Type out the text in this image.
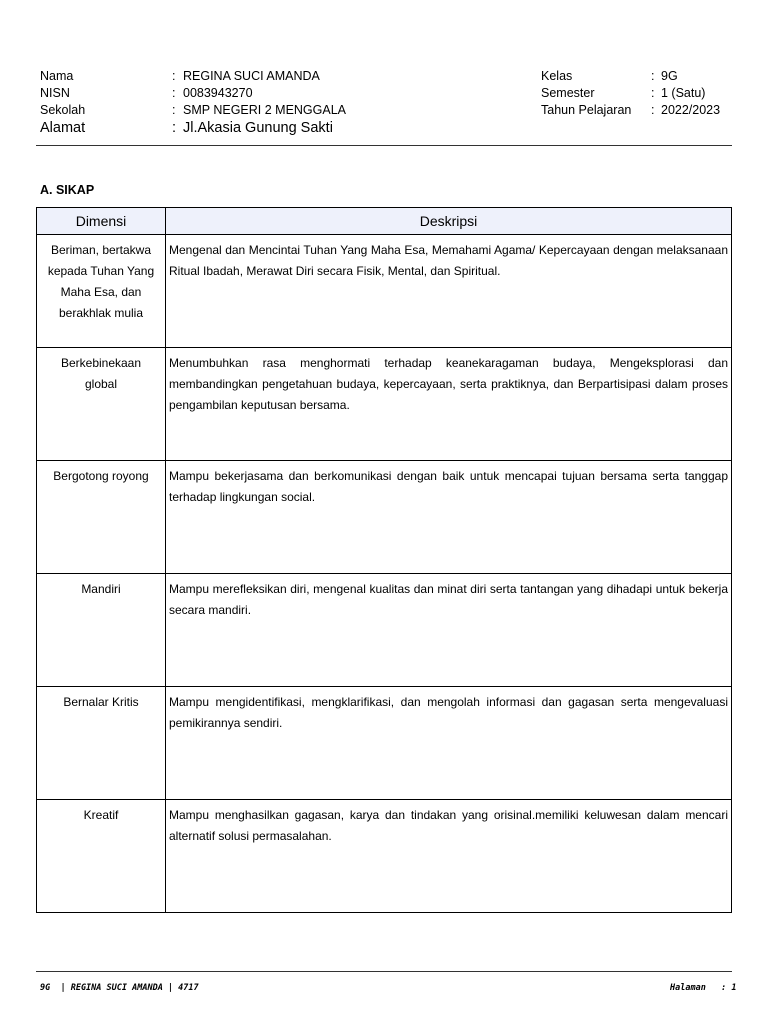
Nama	: REGINA SUCI AMANDA
NISN	: 0083943270
Sekolah	: SMP NEGERI 2 MENGGALA
Alamat	: Jl.Akasia Gunung Sakti
Kelas	: 9G
Semester	: 1 (Satu)
Tahun Pelajaran : 2022/2023
A. SIKAP
Dimensi	Deskripsi
Beriman, bertakwa kepada Tuhan Yang Maha Esa, dan berakhlak mulia	Mengenal dan Mencintai Tuhan Yang Maha Esa, Memahami Agama/ Kepercayaan dengan melaksanaan Ritual Ibadah, Merawat Diri secara Fisik, Mental, dan Spiritual.
Berkebinekaan global	Menumbuhkan rasa menghormati terhadap keanekaragaman budaya, Mengeksplorasi dan membandingkan pengetahuan budaya, kepercayaan, serta praktiknya, dan Berpartisipasi dalam proses pengambilan keputusan bersama.
Bergotong royong	Mampu bekerjasama dan berkomunikasi dengan baik untuk mencapai tujuan bersama serta tanggap terhadap lingkungan social.
Mandiri	Mampu merefleksikan diri, mengenal kualitas dan minat diri serta tantangan yang dihadapi untuk bekerja secara mandiri.
Bernalar Kritis	Mampu mengidentifikasi, mengklarifikasi, dan mengolah informasi dan gagasan serta mengevaluasi pemikirannya sendiri.
Kreatif	Mampu menghasilkan gagasan, karya dan tindakan yang orisinal.memiliki keluwesan dalam mencari alternatif solusi permasalahan.
9G  | REGINA SUCI AMANDA | 4717	Halaman   : 1
